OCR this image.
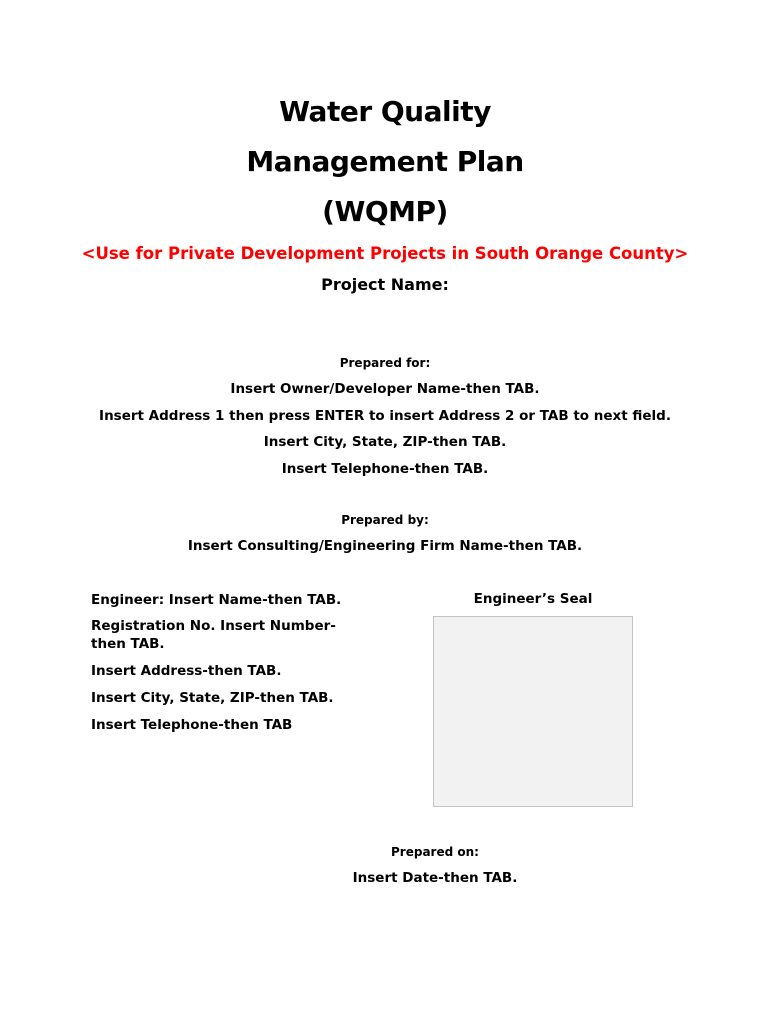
Water Quality
Management Plan
(WQMP)
<Use for Private Development Projects in South Orange County>
Project Name:
Prepared for:
Insert Owner/Developer Name-then TAB.
Insert Address 1 then press ENTER to insert Address 2 or TAB to next field.
Insert City, State, ZIP-then TAB.
Insert Telephone-then TAB.
Prepared by:
Insert Consulting/Engineering Firm Name-then TAB.
Engineer: Insert Name-then TAB.
Registration No. Insert Number-then TAB.
Insert Address-then TAB.
Insert City, State, ZIP-then TAB.
Insert Telephone-then TAB
Engineer’s Seal
Prepared on:
Insert Date-then TAB.
